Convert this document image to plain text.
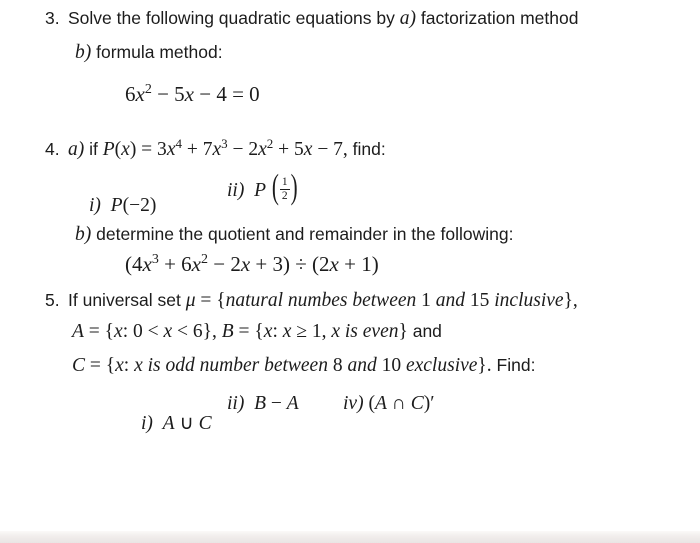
3. Solve the following quadratic equations by a) factorization method
b) formula method:
6x2 − 5x − 4 = 0
4. a) if $P(x) = 3x^4 + 7x^3 - 2x^2 + 5x - 7$, find:

i) P(−2)

ii) P ( $\frac{1}{2}$ )

b) determine the quotient and remainder in the following:
(4x3 + 6x2 − 2x + 3) ÷ (2x + 1)
5. If universal set μ = {natural numbes between 1 and 15 inclusive},
A = {x: 0 < x < 6}, B = {x: x ≥ 1, x is even} and
C = {x: x is odd number between 8 and 10 exclusive}. Find:

i) A ∪ C

ii) B − A

iv) (A ∩ C)′
